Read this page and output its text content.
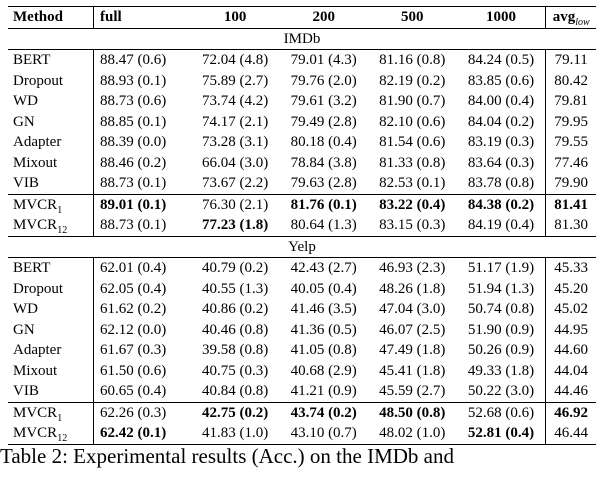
Method	full	100	200	500	1000	avg$_{low}$
IMDb						
BERT	88.47 (0.6)	72.04 (4.8)	79.01 (4.3)	81.16 (0.8)	84.24 (0.5)	79.11
Dropout	88.93 (0.1)	75.89 (2.7)	79.76 (2.0)	82.19 (0.2)	83.85 (0.6)	80.42
WD	88.73 (0.6)	73.74 (4.2)	79.61 (3.2)	81.90 (0.7)	84.00 (0.4)	79.81
GN	88.85 (0.1)	74.17 (2.1)	79.49 (2.8)	82.10 (0.6)	84.04 (0.2)	79.95
Adapter	88.39 (0.0)	73.28 (3.1)	80.18 (0.4)	81.54 (0.6)	83.19 (0.3)	79.55
Mixout	88.46 (0.2)	66.04 (3.0)	78.84 (3.8)	81.33 (0.8)	83.64 (0.3)	77.46
VIB	88.73 (0.1)	73.67 (2.2)	79.63 (2.8)	82.53 (0.1)	83.78 (0.8)	79.90
$MVCR_1$	89.01 (0.1)	76.30 (2.1)	81.76 (0.1)	83.22 (0.4)	84.38 (0.2)	81.41
$MVCR_{12}$	88.73 (0.1)	77.23 (1.8)	80.64 (1.3)	83.15 (0.3)	84.19 (0.4)	81.30
Yelp						
BERT	62.01 (0.4)	40.79 (0.2)	42.43 (2.7)	46.93 (2.3)	51.17 (1.9)	45.33
Dropout	62.05 (0.4)	40.55 (1.3)	40.05 (0.4)	48.26 (1.8)	51.94 (1.3)	45.20
WD	61.62 (0.2)	40.86 (0.2)	41.46 (3.5)	47.04 (3.0)	50.74 (0.8)	45.02
GN	62.12 (0.0)	40.46 (0.8)	41.36 (0.5)	46.07 (2.5)	51.90 (0.9)	44.95
Adapter	61.67 (0.3)	39.58 (0.8)	41.05 (0.8)	47.49 (1.8)	50.26 (0.9)	44.60
Mixout	61.50 (0.6)	40.75 (0.3)	40.68 (2.9)	45.41 (1.8)	49.33 (1.8)	44.04
VIB	60.65 (0.4)	40.84 (0.8)	41.21 (0.9)	45.59 (2.7)	50.22 (3.0)	44.46
$MVCR_1$	62.26 (0.3)	42.75 (0.2)	43.74 (0.2)	48.50 (0.8)	52.68 (0.6)	46.92
$MVCR_{12}$	62.42 (0.1)	41.83 (1.0)	43.10 (0.7)	48.02 (1.0)	52.81 (0.4)	46.44
Table 2: Experimental results (Acc.) on the IMDb and
